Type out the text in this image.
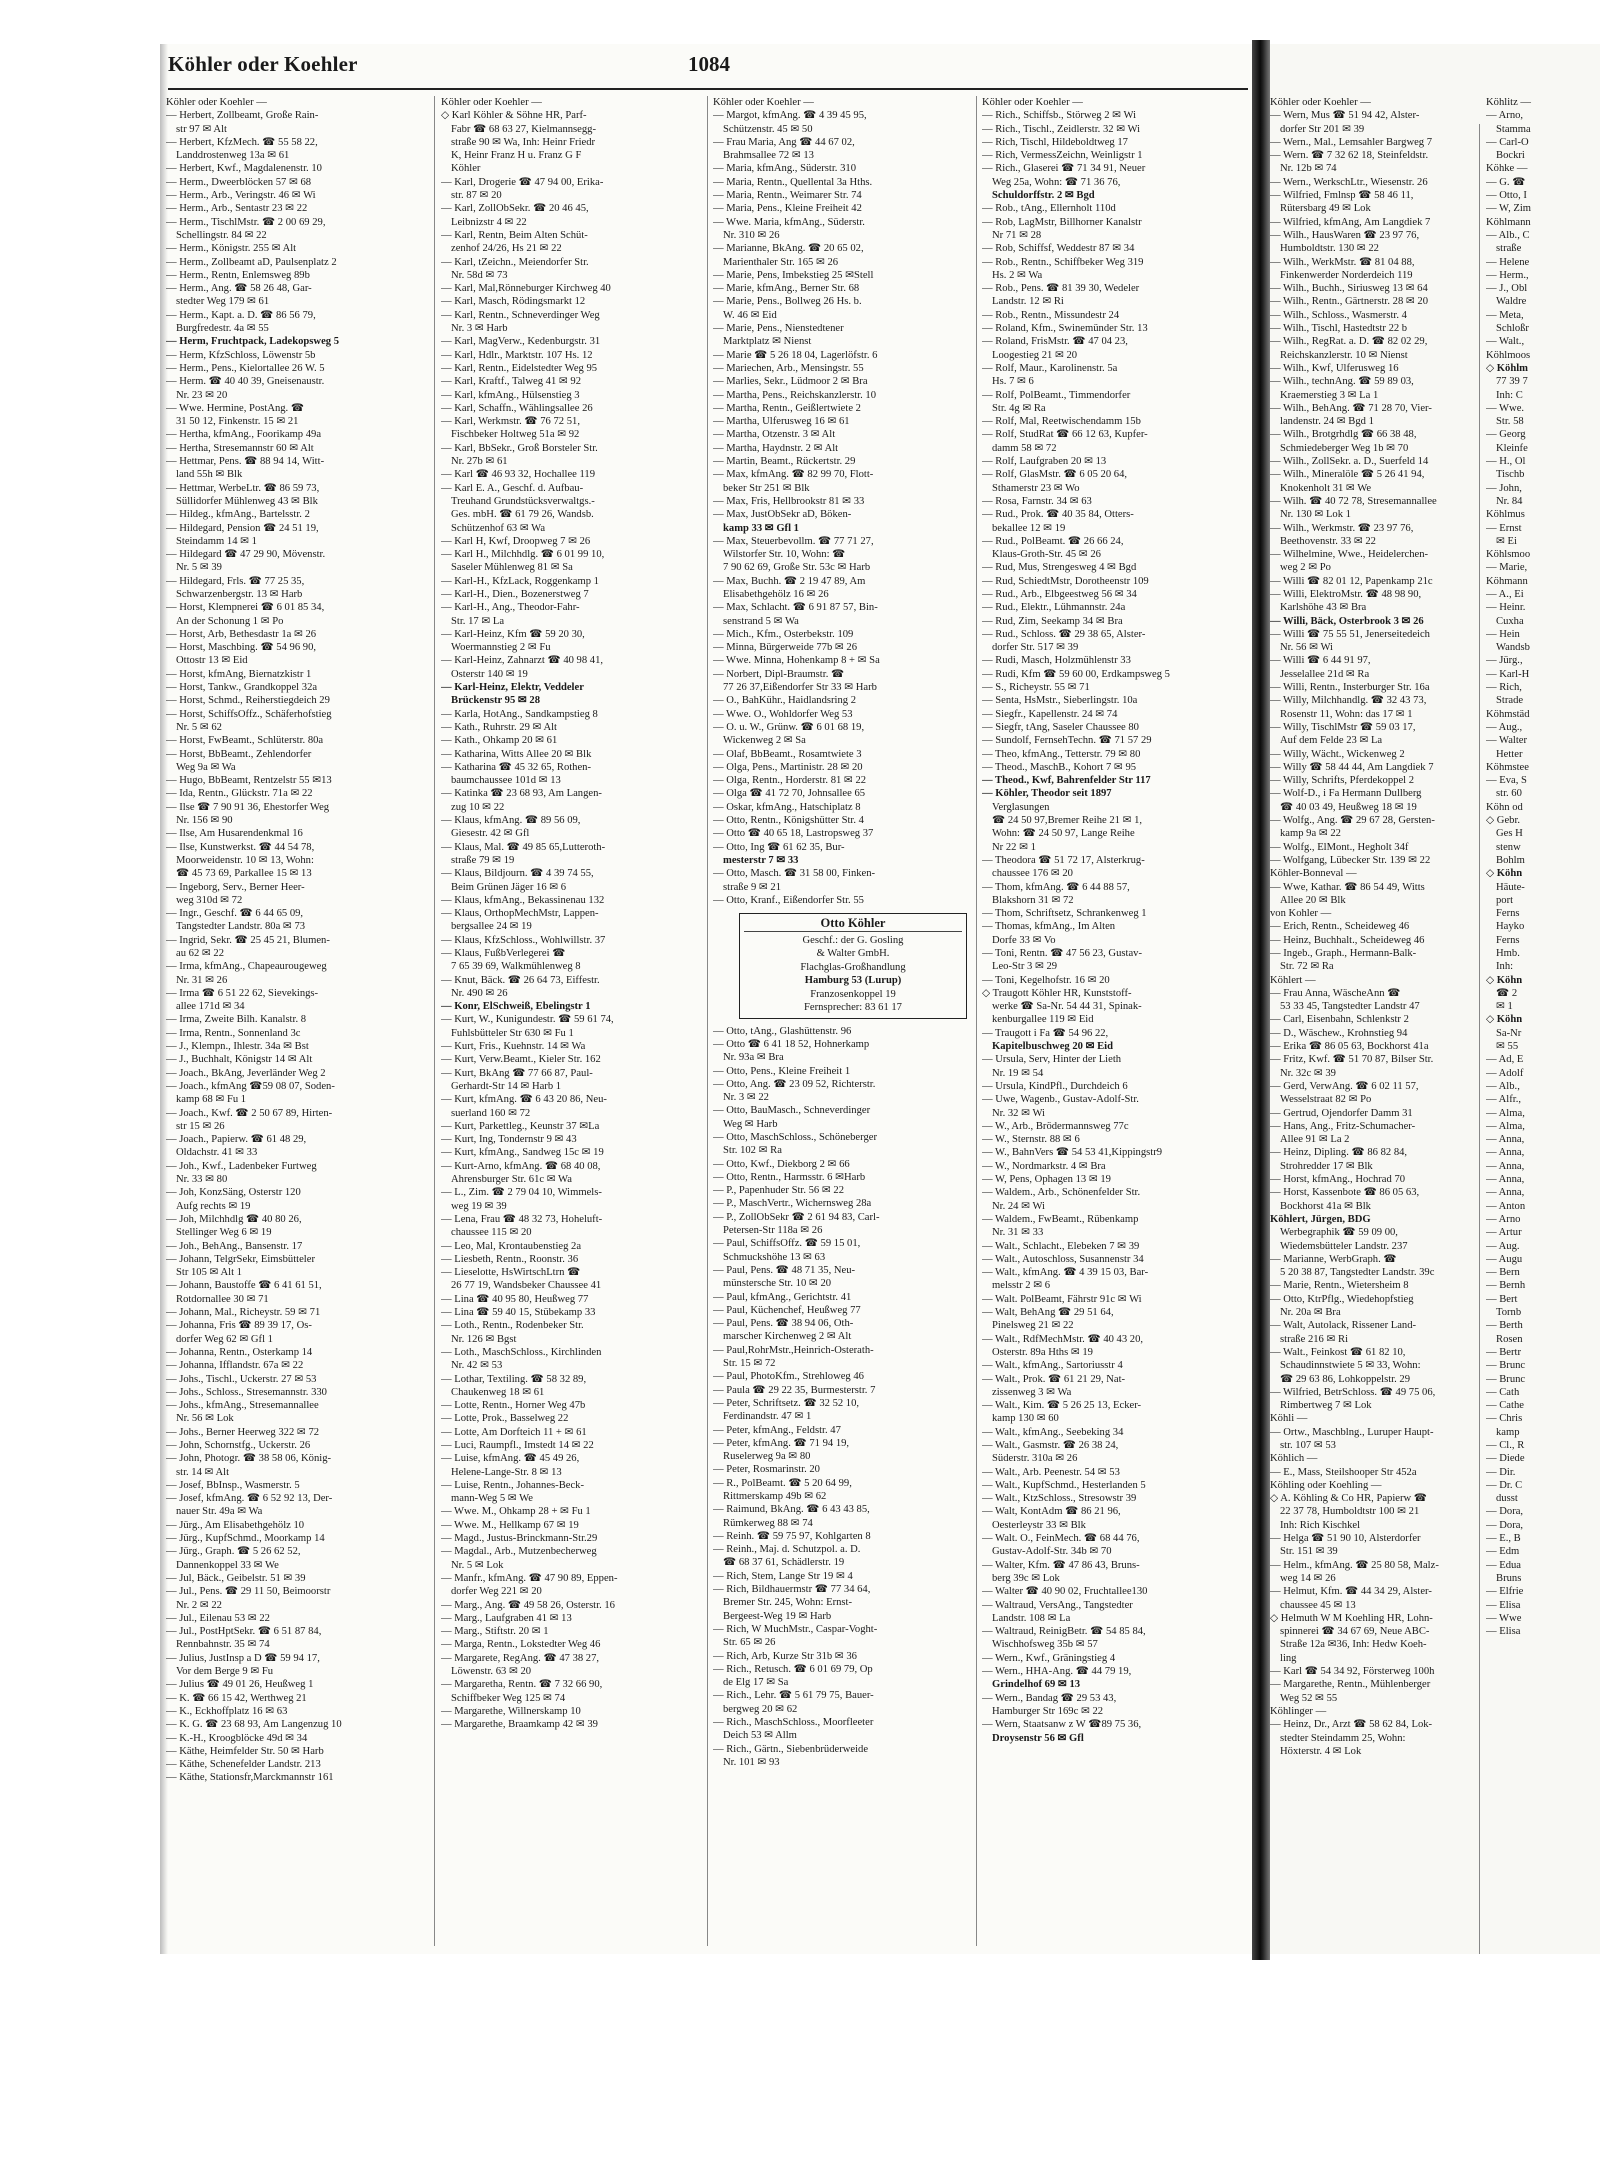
Köhler oder Koehler	1084
Köhler oder Koehler —
— Herbert, Zollbeamt, Große Rain-
str 97 ✉ Alt
— Herbert, KfzMech. ☎ 55 58 22,
Landdrostenweg 13a ✉ 61
— Herbert, Kwf., Magdalenenstr. 10
— Herm., Dweerblöcken 57 ✉ 68
— Herm., Arb., Veringstr. 46 ✉ Wi
— Herm., Arb., Sentastr 23 ✉ 22
— Herm., TischlMstr. ☎ 2 00 69 29,
Schellingstr. 84 ✉ 22
— Herm., Königstr. 255 ✉ Alt
— Herm., Zollbeamt aD, Paulsenplatz 2
— Herm., Rentn, Enlemsweg 89b
— Herm., Ang. ☎ 58 26 48, Gar-
stedter Weg 179 ✉ 61
— Herm., Kapt. a. D. ☎ 86 56 79,
Burgfredestr. 4a ✉ 55
— Herm, Fruchtpack, Ladekopsweg 5
— Herm, KfzSchloss, Löwenstr 5b
— Herm., Pens., Kielortallee 26 W. 5
— Herm. ☎ 40 40 39, Gneisenaustr.
Nr. 23 ✉ 20
— Wwe. Hermine, PostAng. ☎
31 50 12, Finkenstr. 15 ✉ 21
— Hertha, kfmAng., Foorikamp 49a
— Hertha, Stresemannstr 60 ✉ Alt
— Hettmar, Pens. ☎ 88 94 14, Witt-
land 55h ✉ Blk
— Hettmar, WerbeLtr. ☎ 86 59 73,
Süllidorfer Mühlenweg 43 ✉ Blk
— Hildeg., kfmAng., Bartelsstr. 2
— Hildegard, Pension ☎ 24 51 19,
Steindamm 14 ✉ 1
— Hildegard ☎ 47 29 90, Mövenstr.
Nr. 5 ✉ 39
— Hildegard, Frls. ☎ 77 25 35,
Schwarzenbergstr. 13 ✉ Harb
— Horst, Klempnerei ☎ 6 01 85 34,
An der Schonung 1 ✉ Po
— Horst, Arb, Bethesdastr 1a ✉ 26
— Horst, Maschbing. ☎ 54 96 90,
Ottostr 13 ✉ Eid
— Horst, kfmAng, Biernatzkistr 1
— Horst, Tankw., Grandkoppel 32a
— Horst, Schmd., Reiherstiegdeich 29
— Horst, SchiffsOffz., Schäferhofstieg
Nr. 5 ✉ 62
— Horst, FwBeamt., Schlüterstr. 80a
— Horst, BbBeamt., Zehlendorfer
Weg 9a ✉ Wa
— Hugo, BbBeamt, Rentzelstr 55 ✉13
— Ida, Rentn., Glückstr. 71a ✉ 22
— Ilse ☎ 7 90 91 36, Ehestorfer Weg
Nr. 156 ✉ 90
— Ilse, Am Husarendenkmal 16
— Ilse, Kunstwerkst. ☎ 44 54 78,
Moorweidenstr. 10 ✉ 13, Wohn:
☎ 45 73 69, Parkallee 15 ✉ 13
— Ingeborg, Serv., Berner Heer-
weg 310d ✉ 72
— Ingr., Geschf. ☎ 6 44 65 09,
Tangstedter Landstr. 80a ✉ 73
— Ingrid, Sekr. ☎ 25 45 21, Blumen-
au 62 ✉ 22
— Irma, kfmAng., Chapeaurougeweg
Nr. 31 ✉ 26
— Irma ☎ 6 51 22 62, Sievekings-
allee 171d ✉ 34
— Irma, Zweite Bilh. Kanalstr. 8
— Irma, Rentn., Sonnenland 3c
— J., Klempn., Ihlestr. 34a ✉ Bst
— J., Buchhalt, Königstr 14 ✉ Alt
— Joach., BkAng, Jeverländer Weg 2
— Joach., kfmAng ☎59 08 07, Soden-
kamp 68 ✉ Fu 1
— Joach., Kwf. ☎ 2 50 67 89, Hirten-
str 15 ✉ 26
— Joach., Papierw. ☎ 61 48 29,
Oldachstr. 41 ✉ 33
— Joh., Kwf., Ladenbeker Furtweg
Nr. 33 ✉ 80
— Joh, KonzSäng, Osterstr 120
Aufg rechts ✉ 19
— Joh, Milchhdlg ☎ 40 80 26,
Stellinger Weg 6 ✉ 19
— Joh., BehAng., Bansenstr. 17
— Johann, TelgrSekr, Eimsbütteler
Str 105 ✉ Alt 1
— Johann, Baustoffe ☎ 6 41 61 51,
Rotdornallee 30 ✉ 71
— Johann, Mal., Richeystr. 59 ✉ 71
— Johanna, Fris ☎ 89 39 17, Os-
dorfer Weg 62 ✉ Gfl 1
— Johanna, Rentn., Osterkamp 14
— Johanna, Ifflandstr. 67a ✉ 22
— Johs., Tischl., Uckerstr. 27 ✉ 53
— Johs., Schloss., Stresemannstr. 330
— Johs., kfmAng., Stresemannallee
Nr. 56 ✉ Lok
— Johs., Berner Heerweg 322 ✉ 72
— John, Schornstfg., Uckerstr. 26
— John, Photogr. ☎ 38 58 06, König-
str. 14 ✉ Alt
— Josef, BbInsp., Wasmerstr. 5
— Josef, kfmAng. ☎ 6 52 92 13, Der-
nauer Str. 49a ✉ Wa
— Jürg., Am Elisabethgehölz 10
— Jürg., KupfSchmd., Moorkamp 14
— Jürg., Graph. ☎ 5 26 62 52,
Dannenkoppel 33 ✉ We
— Jul, Bäck., Geibelstr. 51 ✉ 39
— Jul., Pens. ☎ 29 11 50, Beimoorstr
Nr. 2 ✉ 22
— Jul., Eilenau 53 ✉ 22
— Jul., PostHptSekr. ☎ 6 51 87 84,
Rennbahnstr. 35 ✉ 74
— Julius, JustInsp a D ☎ 59 94 17,
Vor dem Berge 9 ✉ Fu
— Julius ☎ 49 01 26, Heußweg 1
— K. ☎ 66 15 42, Werthweg 21
— K., Eckhoffplatz 16 ✉ 63
— K. G. ☎ 23 68 93, Am Langenzug 10
— K.-H., Kroogblöcke 49d ✉ 34
— Käthe, Heimfelder Str. 50 ✉ Harb
— Käthe, Schenefelder Landstr. 213
— Käthe, Stationsfr,Marckmannstr 161
Köhler oder Koehler —
◇ Karl Köhler & Söhne HR, Parf-
Fabr ☎ 68 63 27, Kielmannsegg-
straße 90 ✉ Wa, Inh: Heinr Friedr
K, Heinr Franz H u. Franz G F
Köhler
— Karl, Drogerie ☎ 47 94 00, Erika-
str. 87 ✉ 20
— Karl, ZollObSekr. ☎ 20 46 45,
Leibnizstr 4 ✉ 22
— Karl, Rentn, Beim Alten Schüt-
zenhof 24/26, Hs 21 ✉ 22
— Karl, tZeichn., Meiendorfer Str.
Nr. 58d ✉ 73
— Karl, Mal,Rönneburger Kirchweg 40
— Karl, Masch, Rödingsmarkt 12
— Karl, Rentn., Schneverdinger Weg
Nr. 3 ✉ Harb
— Karl, MagVerw., Kedenburgstr. 31
— Karl, Hdlr., Marktstr. 107 Hs. 12
— Karl, Rentn., Eidelstedter Weg 95
— Karl, Kraftf., Talweg 41 ✉ 92
— Karl, kfmAng., Hülsenstieg 3
— Karl, Schaffn., Wählingsallee 26
— Karl, Werkmstr. ☎ 76 72 51,
Fischbeker Holtweg 51a ✉ 92
— Karl, BbSekr., Groß Borsteler Str.
Nr. 27b ✉ 61
— Karl ☎ 46 93 32, Hochallee 119
— Karl E. A., Geschf. d. Aufbau-
Treuhand Grundstücksverwaltgs.-
Ges. mbH. ☎ 61 79 26, Wandsb.
Schützenhof 63 ✉ Wa
— Karl H, Kwf, Droopweg 7 ✉ 26
— Karl H., Milchhdlg. ☎ 6 01 99 10,
Saseler Mühlenweg 81 ✉ Sa
— Karl-H., KfzLack, Roggenkamp 1
— Karl-H., Dien., Bozenerstweg 7
— Karl-H., Ang., Theodor-Fahr-
Str. 17 ✉ La
— Karl-Heinz, Kfm ☎ 59 20 30,
Woermannstieg 2 ✉ Fu
— Karl-Heinz, Zahnarzt ☎ 40 98 41,
Osterstr 140 ✉ 19
— Karl-Heinz, Elektr, Veddeler
Brückenstr 95 ✉ 28
— Karla, HotAng., Sandkampstieg 8
— Kath., Ruhrstr. 29 ✉ Alt
— Kath., Ohkamp 20 ✉ 61
— Katharina, Witts Allee 20 ✉ Blk
— Katharina ☎ 45 32 65, Rothen-
baumchaussee 101d ✉ 13
— Katinka ☎ 23 68 93, Am Langen-
zug 10 ✉ 22
— Klaus, kfmAng. ☎ 89 56 09,
Giesestr. 42 ✉ Gfl
— Klaus, Mal. ☎ 49 85 65,Lutteroth-
straße 79 ✉ 19
— Klaus, Bildjourn. ☎ 4 39 74 55,
Beim Grünen Jäger 16 ✉ 6
— Klaus, kfmAng., Bekassinenau 132
— Klaus, OrthopMechMstr, Lappen-
bergsallee 24 ✉ 19
— Klaus, KfzSchloss., Wohlwillstr. 37
— Klaus, FußbVerlegerei ☎
7 65 39 69, Walkmühlenweg 8
— Knut, Bäck. ☎ 26 64 73, Eiffestr.
Nr. 490 ✉ 26
— Konr, ElSchweiß, Ebelingstr 1
— Kurt, W., Kunigundestr. ☎ 59 61 74,
Fuhlsbütteler Str 630 ✉ Fu 1
— Kurt, Fris., Kuehnstr. 14 ✉ Wa
— Kurt, Verw.Beamt., Kieler Str. 162
— Kurt, BkAng ☎ 77 66 87, Paul-
Gerhardt-Str 14 ✉ Harb 1
— Kurt, kfmAng. ☎ 6 43 20 86, Neu-
suerland 160 ✉ 72
— Kurt, Parkettleg., Keunstr 37 ✉La
— Kurt, Ing, Tondernstr 9 ✉ 43
— Kurt, kfmAng., Sandweg 15c ✉ 19
— Kurt-Arno, kfmAng. ☎ 68 40 08,
Ahrensburger Str. 61c ✉ Wa
— L., Zim. ☎ 2 79 04 10, Wimmels-
weg 19 ✉ 39
— Lena, Frau ☎ 48 32 73, Hoheluft-
chaussee 115 ✉ 20
— Leo, Mal, Krontaubenstieg 2a
— Liesbeth, Rentn., Roonstr. 36
— Lieselotte, HsWirtschLtrn ☎
26 77 19, Wandsbeker Chaussee 41
— Lina ☎ 40 95 80, Heußweg 77
— Lina ☎ 59 40 15, Stübekamp 33
— Loth., Rentn., Rodenbeker Str.
Nr. 126 ✉ Bgst
— Loth., MaschSchloss., Kirchlinden
Nr. 42 ✉ 53
— Lothar, Textiling. ☎ 58 32 89,
Chaukenweg 18 ✉ 61
— Lotte, Rentn., Horner Weg 47b
— Lotte, Prok., Basselweg 22
— Lotte, Am Dorfteich 11 + ✉ 61
— Luci, Raumpfl., Imstedt 14 ✉ 22
— Luise, kfmAng. ☎ 45 49 26,
Helene-Lange-Str. 8 ✉ 13
— Luise, Rentn., Johannes-Beck-
mann-Weg 5 ✉ We
— Wwe. M., Ohkamp 28 + ✉ Fu 1
— Wwe. M., Hellkamp 67 ✉ 19
— Magd., Justus-Brinckmann-Str.29
— Magdal., Arb., Mutzenbecherweg
Nr. 5 ✉ Lok
— Manfr., kfmAng. ☎ 47 90 89, Eppen-
dorfer Weg 221 ✉ 20
— Marg., Ang. ☎ 49 58 26, Osterstr. 16
— Marg., Laufgraben 41 ✉ 13
— Marg., Stiftstr. 20 ✉ 1
— Marga, Rentn., Lokstedter Weg 46
— Margarete, RegAng. ☎ 47 38 27,
Löwenstr. 63 ✉ 20
— Margaretha, Rentn. ☎ 7 32 66 90,
Schiffbeker Weg 125 ✉ 74
— Margarethe, Willnerskamp 10
— Margarethe, Braamkamp 42 ✉ 39
Köhler oder Koehler —
— Margot, kfmAng. ☎ 4 39 45 95,
Schützenstr. 45 ✉ 50
— Frau Maria, Ang ☎ 44 67 02,
Brahmsallee 72 ✉ 13
— Maria, kfmAng., Süderstr. 310
— Maria, Rentn., Quellental 3a Hths.
— Maria, Rentn., Weimarer Str. 74
— Maria, Pens., Kleine Freiheit 42
— Wwe. Maria, kfmAng., Süderstr.
Nr. 310 ✉ 26
— Marianne, BkAng. ☎ 20 65 02,
Marienthaler Str. 165 ✉ 26
— Marie, Pens, Imbekstieg 25 ✉Stell
— Marie, kfmAng., Berner Str. 68
— Marie, Pens., Bollweg 26 Hs. b.
W. 46 ✉ Eid
— Marie, Pens., Nienstedtener
Marktplatz ✉ Nienst
— Marie ☎ 5 26 18 04, Lagerlöfstr. 6
— Mariechen, Arb., Mensingstr. 55
— Marlies, Sekr., Lüdmoor 2 ✉ Bra
— Martha, Pens., Reichskanzlerstr. 10
— Martha, Rentn., Geißlertwiete 2
— Martha, Ulferusweg 16 ✉ 61
— Martha, Otzenstr. 3 ✉ Alt
— Martha, Haydnstr. 2 ✉ Alt
— Martin, Beamt., Rückertstr. 29
— Max, kfmAng. ☎ 82 99 70, Flott-
beker Str 251 ✉ Blk
— Max, Fris, Hellbrookstr 81 ✉ 33
— Max, JustObSekr aD, Böken-
kamp 33 ✉ Gfl 1
— Max, Steuerbevollm. ☎ 77 71 27,
Wilstorfer Str. 10, Wohn: ☎
7 90 62 69, Große Str. 53c ✉ Harb
— Max, Buchh. ☎ 2 19 47 89, Am
Elisabethgehölz 16 ✉ 26
— Max, Schlacht. ☎ 6 91 87 57, Bin-
senstrand 5 ✉ Wa
— Mich., Kfm., Osterbekstr. 109
— Minna, Bürgerweide 77b ✉ 26
— Wwe. Minna, Hohenkamp 8 + ✉ Sa
— Norbert, Dipl-Braumstr. ☎
77 26 37,Eißendorfer Str 33 ✉ Harb
— O., BahKühr., Haidlandsring 2
— Wwe. O., Wohldorfer Weg 53
— O. u. W., Grünw. ☎ 6 01 68 19,
Wickenweg 2 ✉ Sa
— Olaf, BbBeamt., Rosamtwiete 3
— Olga, Pens., Martinistr. 28 ✉ 20
— Olga, Rentn., Horderstr. 81 ✉ 22
— Olga ☎ 41 72 70, Johnsallee 65
— Oskar, kfmAng., Hatschiplatz 8
— Otto, Rentn., Königshütter Str. 4
— Otto ☎ 40 65 18, Lastropsweg 37
— Otto, Ing ☎ 61 62 35, Bur-
mesterstr 7 ✉ 33
— Otto, Masch. ☎ 31 58 00, Finken-
straße 9 ✉ 21
— Otto, Kranf., Eißendorfer Str. 55
Otto Köhler
Geschf.: der G. Gosling
& Walter GmbH.
Flachglas-Großhandlung
Hamburg 53 (Lurup)
Franzosenkoppel 19
Fernsprecher: 83 61 17
— Otto, tAng., Glashüttenstr. 96
— Otto ☎ 6 41 18 52, Hohnerkamp
Nr. 93a ✉ Bra
— Otto, Pens., Kleine Freiheit 1
— Otto, Ang. ☎ 23 09 52, Richterstr.
Nr. 3 ✉ 22
— Otto, BauMasch., Schneverdinger
Weg ✉ Harb
— Otto, MaschSchloss., Schöneberger
Str. 102 ✉ Ra
— Otto, Kwf., Diekborg 2 ✉ 66
— Otto, Rentn., Harmsstr. 6 ✉Harb
— P., Papenhuder Str. 56 ✉ 22
— P., MaschVertr., Wichernsweg 28a
— P., ZollObSekr ☎ 2 61 94 83, Carl-
Petersen-Str 118a ✉ 26
— Paul, SchiffsOffz. ☎ 59 15 01,
Schmuckshöhe 13 ✉ 63
— Paul, Pens. ☎ 48 71 35, Neu-
münstersche Str. 10 ✉ 20
— Paul, kfmAng., Gerichtstr. 41
— Paul, Küchenchef, Heußweg 77
— Paul, Pens. ☎ 38 94 06, Oth-
marscher Kirchenweg 2 ✉ Alt
— Paul,RohrMstr.,Heinrich-Osterath-
Str. 15 ✉ 72
— Paul, PhotoKfm., Strehloweg 46
— Paula ☎ 29 22 35, Burmesterstr. 7
— Peter, Schriftsetz. ☎ 32 52 10,
Ferdinandstr. 47 ✉ 1
— Peter, kfmAng., Feldstr. 47
— Peter, kfmAng. ☎ 71 94 19,
Ruselerweg 9a ✉ 80
— Peter, Rosmarinstr. 20
— R., PolBeamt. ☎ 5 20 64 99,
Rittmerskamp 49b ✉ 62
— Raimund, BkAng. ☎ 6 43 43 85,
Rümkerweg 88 ✉ 74
— Reinh. ☎ 59 75 97, Kohlgarten 8
— Reinh., Maj. d. Schutzpol. a. D.
☎ 68 37 61, Schädlerstr. 19
— Rich, Stem, Lange Str 19 ✉ 4
— Rich, Bildhauermstr ☎ 77 34 64,
Bremer Str. 245, Wohn: Ernst-
Bergeest-Weg 19 ✉ Harb
— Rich, W MuchMstr., Caspar-Voght-
Str. 65 ✉ 26
— Rich, Arb, Kurze Str 31b ✉ 36
— Rich., Retusch. ☎ 6 01 69 79, Op
de Elg 17 ✉ Sa
— Rich., Lehr. ☎ 5 61 79 75, Bauer-
bergweg 20 ✉ 62
— Rich., MaschSchloss., Moorfleeter
Deich 53 ✉ Allm
— Rich., Gärtn., Siebenbrüderweide
Nr. 101 ✉ 93
Köhler oder Koehler —
— Rich., Schiffsb., Störweg 2 ✉ Wi
— Rich., Tischl., Zeidlerstr. 32 ✉ Wi
— Rich, Tischl, Hildeboldtweg 17
— Rich, VermessZeichn, Weinligstr 1
— Rich., Glaserei ☎ 71 34 91, Neuer
Weg 25a, Wohn: ☎ 71 36 76,
Schuldorffstr. 2 ✉ Bgd
— Rob., tAng., Ellernholt 110d
— Rob, LagMstr, Billhorner Kanalstr
Nr 71 ✉ 28
— Rob, Schiffsf, Weddestr 87 ✉ 34
— Rob., Rentn., Schiffbeker Weg 319
Hs. 2 ✉ Wa
— Rob., Pens. ☎ 81 39 30, Wedeler
Landstr. 12 ✉ Ri
— Rob., Rentn., Missundestr 24
— Roland, Kfm., Swinemünder Str. 13
— Roland, FrisMstr. ☎ 47 04 23,
Loogestieg 21 ✉ 20
— Rolf, Maur., Karolinenstr. 5a
Hs. 7 ✉ 6
— Rolf, PolBeamt., Timmendorfer
Str. 4g ✉ Ra
— Rolf, Mal, Reetwischendamm 15b
— Rolf, StudRat ☎ 66 12 63, Kupfer-
damm 58 ✉ 72
— Rolf, Laufgraben 20 ✉ 13
— Rolf, GlasMstr. ☎ 6 05 20 64,
Sthamerstr 23 ✉ Wo
— Rosa, Farnstr. 34 ✉ 63
— Rud., Prok. ☎ 40 35 84, Otters-
bekallee 12 ✉ 19
— Rud., PolBeamt. ☎ 26 66 24,
Klaus-Groth-Str. 45 ✉ 26
— Rud, Mus, Strengesweg 4 ✉ Bgd
— Rud, SchiedtMstr, Dorotheenstr 109
— Rud., Arb., Elbgeestweg 56 ✉ 34
— Rud., Elektr., Lühmannstr. 24a
— Rud, Zim, Seekamp 34 ✉ Bra
— Rud., Schloss. ☎ 29 38 65, Alster-
dorfer Str. 517 ✉ 39
— Rudi, Masch, Holzmühlenstr 33
— Rudi, Kfm ☎ 59 60 00, Erdkampsweg 5
— S., Richeystr. 55 ✉ 71
— Senta, HsMstr., Sieberlingstr. 10a
— Siegfr., Kapellenstr. 24 ✉ 74
— Siegfr, tAng, Saseler Chaussee 80
— Sundolf, FernsehTechn. ☎ 71 57 29
— Theo, kfmAng., Tetterstr. 79 ✉ 80
— Theod., MaschB., Kohort 7 ✉ 95
— Theod., Kwf, Bahrenfelder Str 117
— Köhler, Theodor seit 1897
Verglasungen
☎ 24 50 97,Bremer Reihe 21 ✉ 1,
Wohn: ☎ 24 50 97, Lange Reihe
Nr 22 ✉ 1
— Theodora ☎ 51 72 17, Alsterkrug-
chaussee 176 ✉ 20
— Thom, kfmAng. ☎ 6 44 88 57,
Blakshorn 31 ✉ 72
— Thom, Schriftsetz, Schrankenweg 1
— Thomas, kfmAng., Im Alten
Dorfe 33 ✉ Vo
— Toni, Rentn. ☎ 47 56 23, Gustav-
Leo-Str 3 ✉ 29
— Toni, Kegelhofstr. 16 ✉ 20
◇ Traugott Köhler HR, Kunststoff-
werke ☎ Sa-Nr. 54 44 31, Spinak-
kenburgallee 119 ✉ Eid
— Traugott i Fa ☎ 54 96 22,
Kapitelbuschweg 20 ✉ Eid
— Ursula, Serv, Hinter der Lieth
Nr. 19 ✉ 54
— Ursula, KindPfl., Durchdeich 6
— Uwe, Wagenb., Gustav-Adolf-Str.
Nr. 32 ✉ Wi
— W., Arb., Brödermannsweg 77c
— W., Sternstr. 88 ✉ 6
— W., BahnVers ☎ 54 53 41,Kippingstr9
— W., Nordmarkstr. 4 ✉ Bra
— W, Pens, Ophagen 13 ✉ 19
— Waldem., Arb., Schönenfelder Str.
Nr. 24 ✉ Wi
— Waldem., FwBeamt., Rübenkamp
Nr. 31 ✉ 33
— Walt., Schlacht., Elebeken 7 ✉ 39
— Walt., Autoschloss, Susannenstr 34
— Walt., kfmAng. ☎ 4 39 15 03, Bar-
melsstr 2 ✉ 6
— Walt. PolBeamt, Fährstr 91c ✉ Wi
— Walt, BehAng ☎ 29 51 64,
Pinelsweg 21 ✉ 22
— Walt., RdfMechMstr. ☎ 40 43 20,
Osterstr. 89a Hths ✉ 19
— Walt., kfmAng., Sartoriusstr 4
— Walt., Prok. ☎ 61 21 29, Nat-
zissenweg 3 ✉ Wa
— Walt., Kim. ☎ 5 26 25 13, Ecker-
kamp 130 ✉ 60
— Walt., kfmAng., Seebeking 34
— Walt., Gasmstr. ☎ 26 38 24,
Süderstr. 310a ✉ 26
— Walt., Arb. Peenestr. 54 ✉ 53
— Walt., KupfSchmd., Hesterlanden 5
— Walt., KtzSchloss., Stresowstr 39
— Walt, KontAdm ☎ 86 21 96,
Oesterleystr 33 ✉ Blk
— Walt. O., FeinMech. ☎ 68 44 76,
Gustav-Adolf-Str. 34b ✉ 70
— Walter, Kfm. ☎ 47 86 43, Bruns-
berg 39c ✉ Lok
— Walter ☎ 40 90 02, Fruchtallee130
— Waltraud, VersAng., Tangstedter
Landstr. 108 ✉ La
— Waltraud, ReinigBetr. ☎ 54 85 84,
Wischhofsweg 35b ✉ 57
— Wern., Kwf., Gräningstieg 4
— Wern., HHA-Ang. ☎ 44 79 19,
Grindelhof 69 ✉ 13
— Wern., Bandag ☎ 29 53 43,
Hamburger Str 169c ✉ 22
— Wern, Staatsanw z W ☎89 75 36,
Droysenstr 56 ✉ Gfl
Köhler oder Koehler —
— Wern, Mus ☎ 51 94 42, Alster-
dorfer Str 201 ✉ 39
— Wern., Mal., Lemsahler Bargweg 7
— Wern. ☎ 7 32 62 18, Steinfeldstr.
Nr. 12b ✉ 74
— Wern., WerkschLtr., Wiesenstr. 26
— Wilfried, Fmlnsp ☎ 58 46 11,
Rütersbarg 49 ✉ Lok
— Wilfried, kfmAng, Am Langdiek 7
— Wilh., HausWaren ☎ 23 97 76,
Humboldtstr. 130 ✉ 22
— Wilh., WerkMstr. ☎ 81 04 88,
Finkenwerder Norderdeich 119
— Wilh., Buchh., Siriusweg 13 ✉ 64
— Wilh., Rentn., Gärtnerstr. 28 ✉ 20
— Wilh., Schloss., Wasmerstr. 4
— Wilh., Tischl, Hastedtstr 22 b
— Wilh., RegRat. a. D. ☎ 82 02 29,
Reichskanzlerstr. 10 ✉ Nienst
— Wilh., Kwf, Ulferusweg 16
— Wilh., technAng. ☎ 59 89 03,
Kraemerstieg 3 ✉ La 1
— Wilh., BehAng. ☎ 71 28 70, Vier-
landenstr. 24 ✉ Bgd 1
— Wilh., Brotgrhdlg ☎ 66 38 48,
Schmiedeberger Weg 1b ✉ 70
— Wilh., ZollSekr. a. D., Suerfeld 14
— Wilh., Mineralöle ☎ 5 26 41 94,
Knokenholt 31 ✉ We
— Wilh. ☎ 40 72 78, Stresemannallee
Nr. 130 ✉ Lok 1
— Wilh., Werkmstr. ☎ 23 97 76,
Beethovenstr. 33 ✉ 22
— Wilhelmine, Wwe., Heidelerchen-
weg 2 ✉ Po
— Willi ☎ 82 01 12, Papenkamp 21c
— Willi, ElektroMstr. ☎ 48 98 90,
Karlshöhe 43 ✉ Bra
— Willi, Bäck, Osterbrook 3 ✉ 26
— Willi ☎ 75 55 51, Jenerseitedeich
Nr. 56 ✉ Wi
— Willi ☎ 6 44 91 97,
Jesselallee 21d ✉ Ra
— Willi, Rentn., Insterburger Str. 16a
— Willy, Milchhandlg. ☎ 32 43 73,
Rosenstr 11, Wohn: das 17 ✉ 1
— Willy, TischlMstr ☎ 59 03 17,
Auf dem Felde 23 ✉ La
— Willy, Wächt., Wickenweg 2
— Willy ☎ 58 44 44, Am Langdiek 7
— Willy, Schrifts, Pferdekoppel 2
— Wolf-D., i Fa Hermann Dullberg
☎ 40 03 49, Heußweg 18 ✉ 19
— Wolfg., Ang. ☎ 29 67 28, Gersten-
kamp 9a ✉ 22
— Wolfg., ElMont., Hegholt 34f
— Wolfgang, Lübecker Str. 139 ✉ 22
Köhler-Bonneval —
— Wwe, Kathar. ☎ 86 54 49, Witts
Allee 20 ✉ Blk
von Kohler —
— Erich, Rentn., Scheideweg 46
— Heinz, Buchhalt., Scheideweg 46
— Ingeb., Graph., Hermann-Balk-
Str. 72 ✉ Ra
Köhlert —
— Frau Anna, WäscheAnn ☎
53 33 45, Tangstedter Landstr 47
— Carl, Eisenbahn, Schlenkstr 2
— D., Wäschew., Krohnstieg 94
— Erika ☎ 86 05 63, Bockhorst 41a
— Fritz, Kwf. ☎ 51 70 87, Bilser Str.
Nr. 32c ✉ 39
— Gerd, VerwAng. ☎ 6 02 11 57,
Wesselstraat 82 ✉ Po
— Gertrud, Ojendorfer Damm 31
— Hans, Ang., Fritz-Schumacher-
Allee 91 ✉ La 2
— Heinz, Dipling. ☎ 86 82 84,
Strohredder 17 ✉ Blk
— Horst, kfmAng., Hochrad 70
— Horst, Kassenbote ☎ 86 05 63,
Bockhorst 41a ✉ Blk
Köhlert, Jürgen, BDG
Werbegraphik ☎ 59 09 00,
Wiedemsbütteler Landstr. 237
— Marianne, WerbGraph. ☎
5 20 38 87, Tangstedter Landstr. 39c
— Marie, Rentn., Wietersheim 8
— Otto, KtrPflg., Wiedehopfstieg
Nr. 20a ✉ Bra
— Walt, Autolack, Rissener Land-
straße 216 ✉ Ri
— Walt., Feinkost ☎ 61 82 10,
Schaudinnstwiete 5 ✉ 33, Wohn:
☎ 29 63 86, Lohkoppelstr. 29
— Wilfried, BetrSchloss. ☎ 49 75 06,
Rimbertweg 7 ✉ Lok
Köhli —
— Ortw., Maschblng., Luruper Haupt-
str. 107 ✉ 53
Köhlich —
— E., Mass, Steilshooper Str 452a
Köhling oder Koehling —
◇ A. Köhling & Co HR, Papierw ☎
22 37 78, Humboldtstr 100 ✉ 21
Inh: Rich Kischkel
— Helga ☎ 51 90 10, Alsterdorfer
Str. 151 ✉ 39
— Helm., kfmAng. ☎ 25 80 58, Malz-
weg 14 ✉ 26
— Helmut, Kfm. ☎ 44 34 29, Alster-
chaussee 45 ✉ 13
◇ Helmuth W M Koehling HR, Lohn-
spinnerei ☎ 34 67 69, Neue ABC-
Straße 12a ✉36, Inh: Hedw Koeh-
ling
— Karl ☎ 54 34 92, Försterweg 100h
— Margarethe, Rentn., Mühlenberger
Weg 52 ✉ 55
Köhlinger —
— Heinz, Dr., Arzt ☎ 58 62 84, Lok-
stedter Steindamm 25, Wohn:
Höxterstr. 4 ✉ Lok
Köhlitz —
— Arno,
Stamma
— Carl-O
Bockri
Köhke —
— G. ☎
— Otto, I
— W, Zim
Köhlmann
— Alb., C
straße
— Helene
— Herm.,
— J., Obl
Waldre
— Meta,
Schloßr
— Walt.,
Köhlmoos
◇ Köhlm
77 39 7
Inh: C
— Wwe.
Str. 58
— Georg
Kleinfe
— H., Ol
Tischb
— John,
Nr. 84
Köhlmus
— Ernst
✉ Ei
Köhlsmoo
— Marie,
Köhmann
— A., Ei
— Heinr.
Cuxha
— Hein
Wandsb
— Jürg.,
— Karl-H
— Rich,
Strade
Köhmstäd
— Aug.,
— Walter
Hetter
Köhmstee
— Eva, S
str. 60
Köhn od
◇ Gebr.
Ges H
stenw
Bohlm
◇ Köhn
Häute-
port
Ferns
Hayko
Ferns
Hmb.
Inh:
◇ Köhn
☎ 2
✉ 1
◇ Köhn
Sa-Nr
✉ 55
— Ad, E
— Adolf
— Alb.,
— Alfr.,
— Alma,
— Alma,
— Anna,
— Anna,
— Anna,
— Anna,
— Anna,
— Anton
— Arno
— Artur
— Aug.
— Augu
— Bern
— Bernh
— Bert
Tornb
— Berth
Rosen
— Bertr
— Brunc
— Brunc
— Cath
— Cathe
— Chris
kamp
— Cl., R
— Diede
— Dir.
— Dr. C
dusst
— Dora,
— Dora,
— E., B
— Edm
— Edua
Bruns
— Elfrie
— Elisa
— Wwe
— Elisa
